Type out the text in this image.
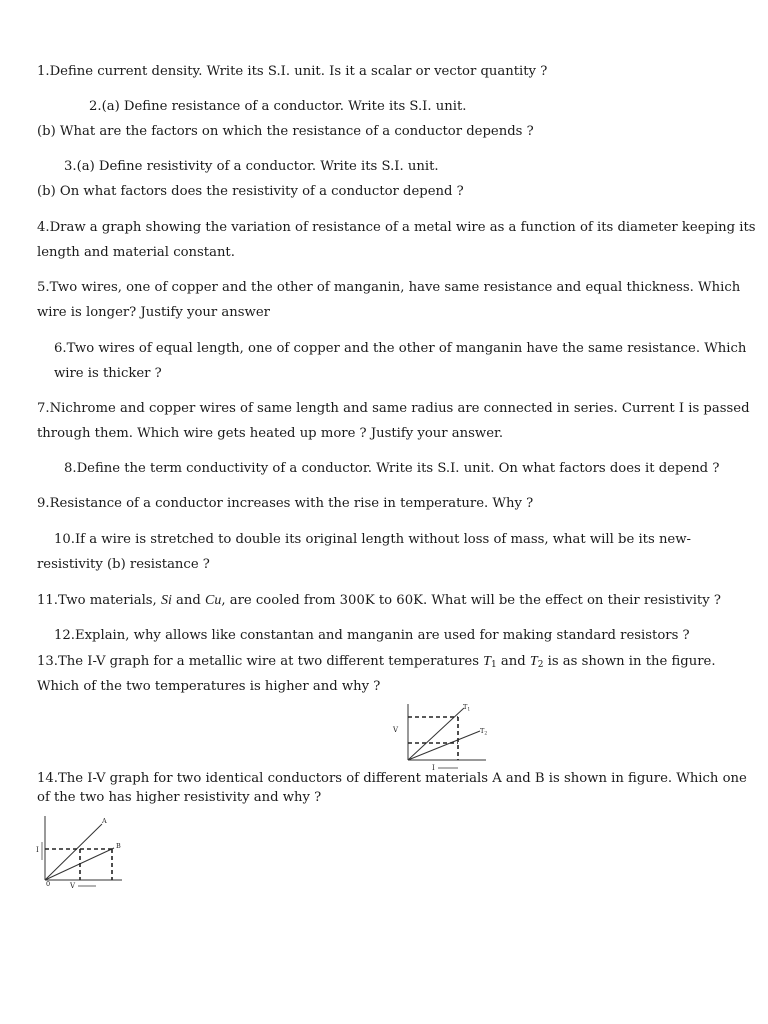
1.Define current density. Write its S.I. unit. Is it a scalar or vector quantity ?
2.(a) Define resistance of a conductor. Write its S.I. unit.
(b) What are the factors on which the resistance of a conductor depends ?
3.(a) Define resistivity of a conductor. Write its S.I. unit.
(b) On what factors does the resistivity of a conductor depend ?
4.Draw a graph showing the variation of resistance of a metal wire as a function of its diameter keeping its
length and material constant.
5.Two wires, one of copper and the other of manganin, have same resistance and equal thickness. Which
wire is longer? Justify your answer
6.Two wires of equal length, one of copper and the other of manganin have the same resistance. Which
wire is thicker ?
7.Nichrome and copper wires of same length and same radius are connected in series. Current I is passed
through them. Which wire gets heated up more ? Justify your answer.
8.Define the term conductivity of a conductor. Write its S.I. unit. On what factors does it depend ?
9.Resistance of a conductor increases with the rise in temperature. Why ?
10.If a wire is stretched to double its original length without loss of mass, what will be its new-
resistivity (b) resistance ?
11.Two materials, Si and Cu, are cooled from 300K to 60K. What will be the effect on their resistivity ?
12.Explain, why allows like constantan and manganin are used for making standard resistors ?
13.The I-V graph for a metallic wire at two different temperatures $T_1$ and $T_2$ is as shown in the figure.
Which of the two temperatures is higher and why ?
V
I
$T_1$
$T_2$
14.The I-V graph for two identical conductors of different materials A and B is shown in figure. Which one
of the two has higher resistivity and why ?
I
0	V
A
B
